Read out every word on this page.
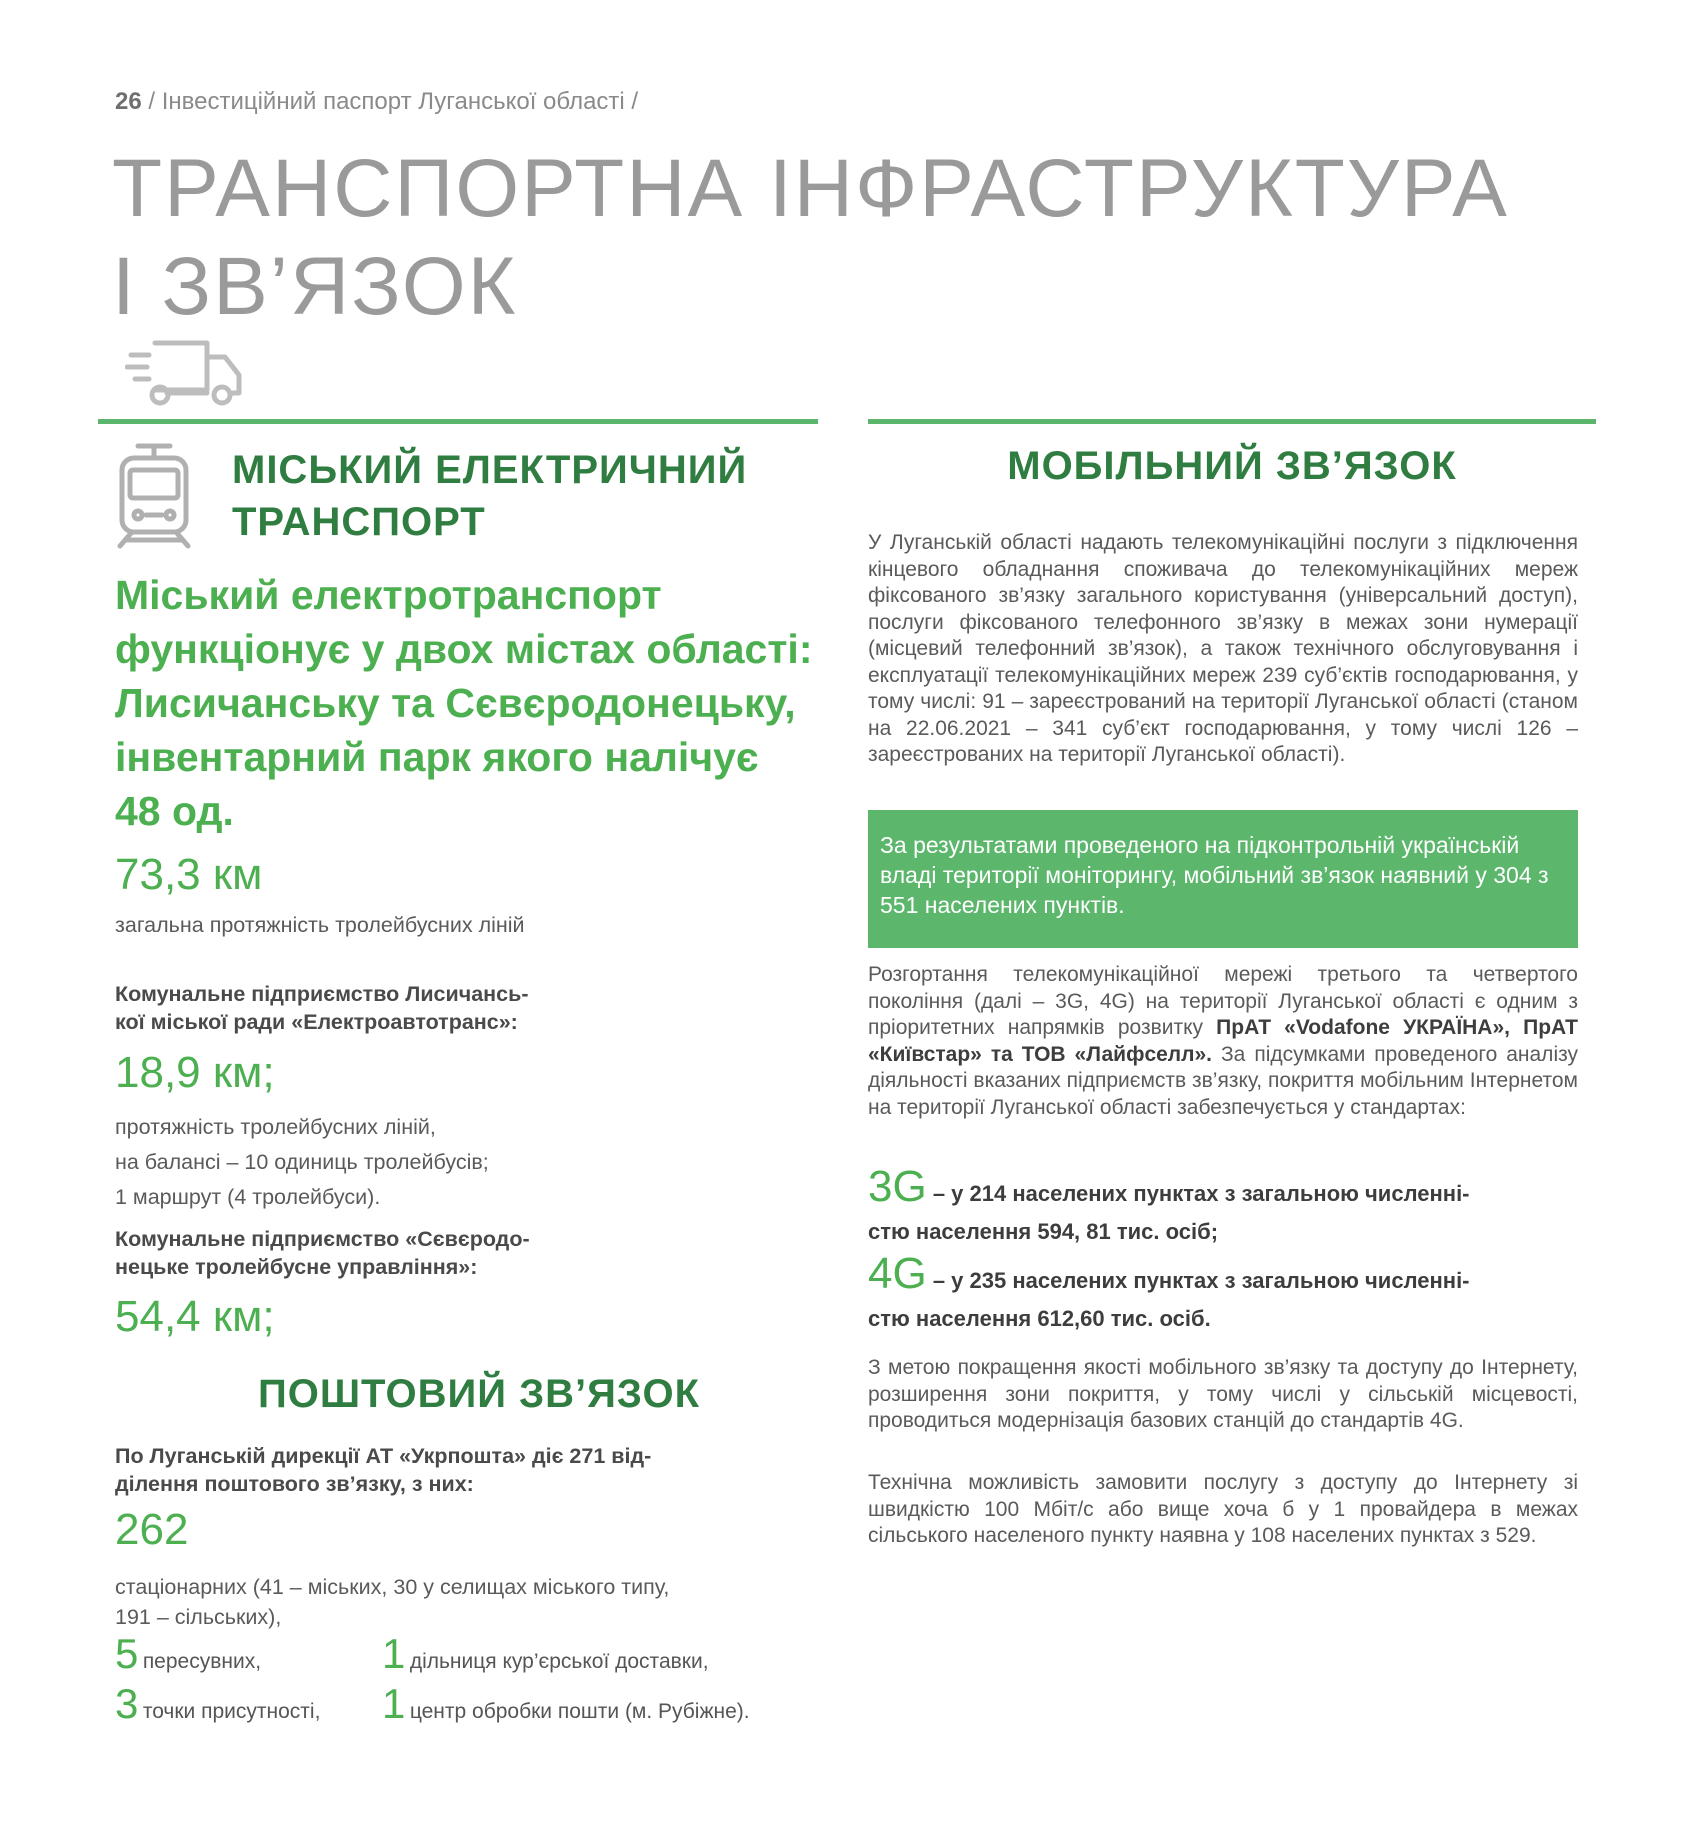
26 / Інвестиційний паспорт Луганської області /
ТРАНСПОРТНА ІНФРАСТРУКТУРА
І ЗВ’ЯЗОК
МІСЬКИЙ ЕЛЕКТРИЧНИЙ
ТРАНСПОРТ
Міський електротранспорт функціонує у двох містах області: Лисичанську та Сєвєродонецьку, інвентарний парк якого налічує 48 од.
73,3 км
загальна протяжність тролейбусних ліній
Комунальне підприємство Лисичансь-
кої міської ради «Електроавтотранс»:
18,9 км;
протяжність тролейбусних ліній,
на балансі – 10 одиниць тролейбусів;
1 маршрут (4 тролейбуси).
Комунальне підприємство «Сєвєродо-
нецьке тролейбусне управління»:
54,4 км;
ПОШТОВИЙ ЗВ’ЯЗОК
По Луганській дирекції АТ «Укрпошта» діє 271 від-
ділення поштового зв’язку, з них:
262
стаціонарних (41 – міських, 30 у селищах міського типу,
191 – сільських),
5 пересувних,	1 дільниця кур’єрської доставки,
3 точки присутності, 1 центр обробки пошти (м. Рубіжне).
МОБІЛЬНИЙ ЗВ’ЯЗОК
У Луганській області надають телекомунікаційні послуги з підключення кінцевого обладнання споживача до телекомунікаційних мереж фіксованого зв’язку загального користування (універсальний доступ), послуги фіксованого телефонного зв’язку в межах зони нумерації (місцевий телефонний зв’язок), а також технічного обслуговування і експлуатації телекомунікаційних мереж 239 суб’єктів господарювання, у тому числі: 91 – зареєстрований на території Луганської області (станом на 22.06.2021 – 341 суб’єкт господарювання, у тому числі 126 – зареєстрованих на території Луганської області).
За результатами проведеного на підконтрольній українській владі території моніторингу, мобільний зв’язок наявний у 304 з 551 населених пунктів.
Розгортання телекомунікаційної мережі третього та четвертого покоління (далі – 3G, 4G) на території Луганської області є одним з пріоритетних напрямків розвитку ПрАТ «Vodafone УКРАЇНА», ПрАТ «Київстар» та ТОВ «Лайфселл». За підсумками проведеного аналізу діяльності вказаних підприємств зв’язку, покриття мобільним Інтернетом на території Луганської області забезпечується у стандартах:
3G – у 214 населених пунктах з загальною численні-
стю населення 594, 81 тис. осіб;
4G – у 235 населених пунктах з загальною численні-
стю населення 612,60 тис. осіб.
З метою покращення якості мобільного зв’язку та доступу до Інтернету, розширення зони покриття, у тому числі у сільській місцевості, проводиться модернізація базових станцій до стандартів 4G.
Технічна можливість замовити послугу з доступу до Інтернету зі швидкістю 100 Мбіт/с або вище хоча б у 1 провайдера в межах сільського населеного пункту наявна у 108 населених пунктах з 529.
